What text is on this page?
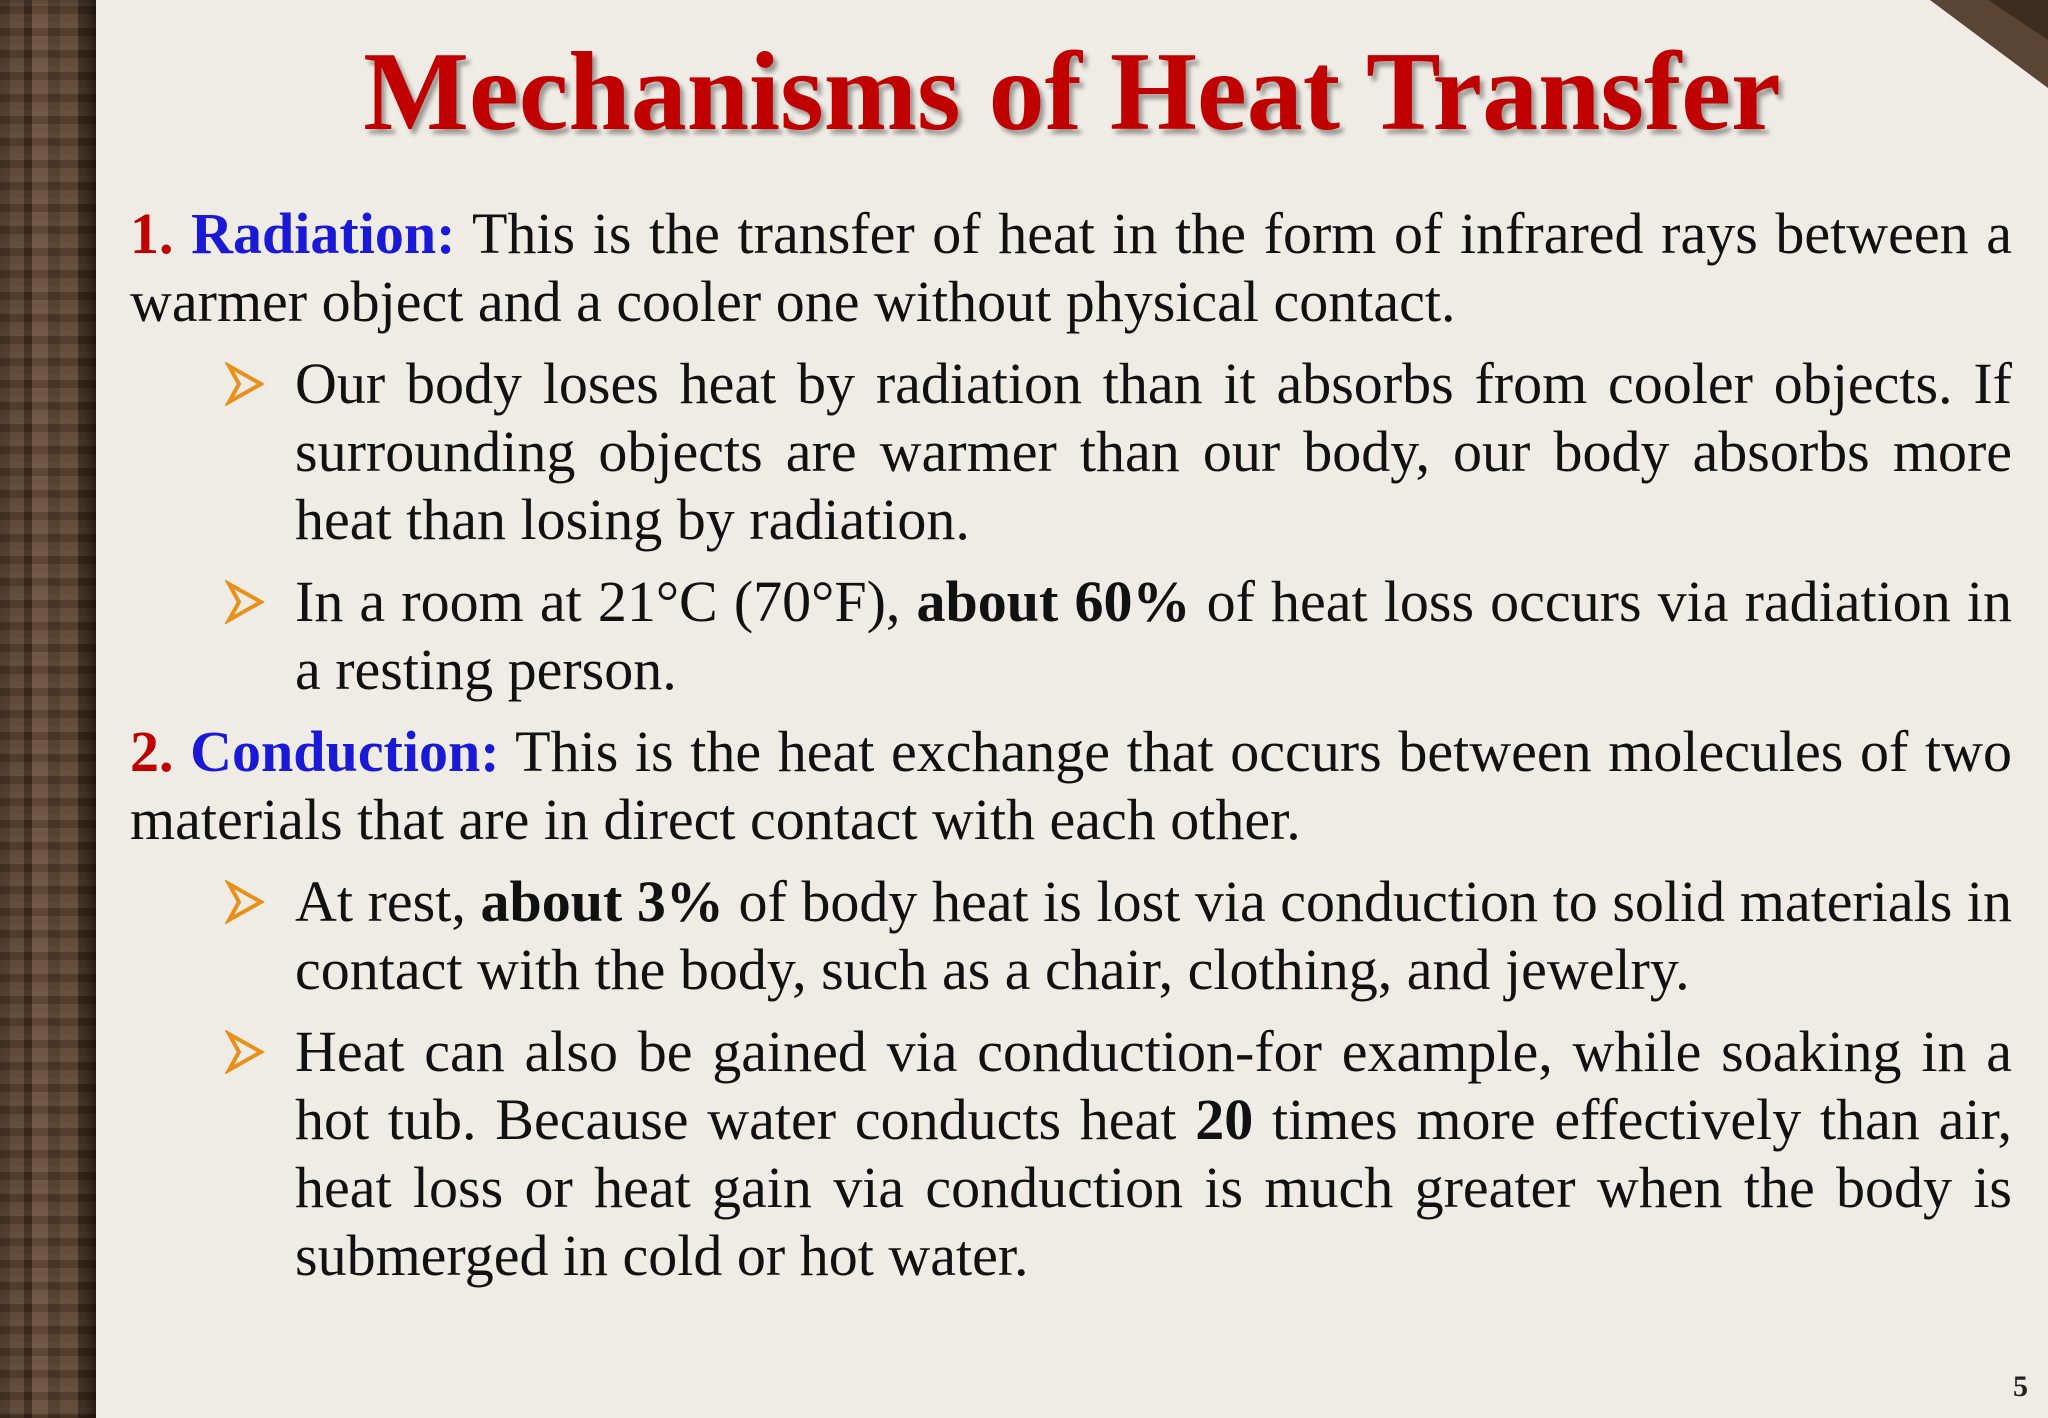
Mechanisms of Heat Transfer

1. Radiation: This is the transfer of heat in the form of infrared rays between a warmer object and a cooler one without physical contact.

Our body loses heat by radiation than it absorbs from cooler objects. If surrounding objects are warmer than our body, our body absorbs more heat than losing by radiation.

In a room at 21°C (70°F), about 60% of heat loss occurs via radiation in a resting person.

2. Conduction: This is the heat exchange that occurs between molecules of two materials that are in direct contact with each other.

At rest, about 3% of body heat is lost via conduction to solid materials in contact with the body, such as a chair, clothing, and jewelry.

Heat can also be gained via conduction-for example, while soaking in a hot tub. Because water conducts heat 20 times more effectively than air, heat loss or heat gain via conduction is much greater when the body is submerged in cold or hot water.

5
